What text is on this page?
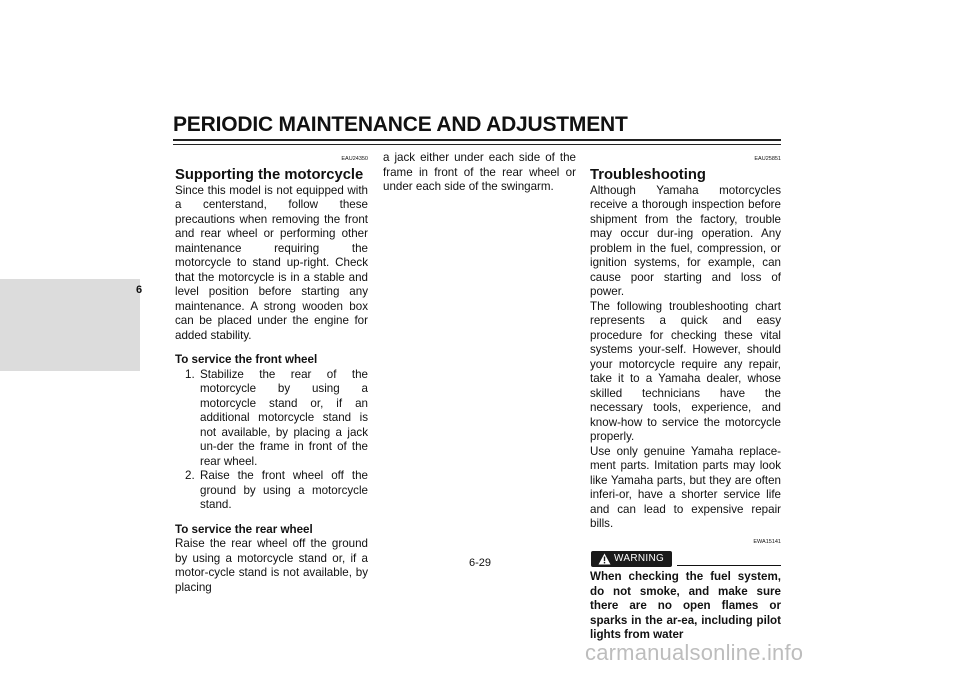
PERIODIC MAINTENANCE AND ADJUSTMENT
6
EAU24350
Supporting the motorcycle

Since this model is not equipped with a centerstand, follow these precautions when removing the front and rear wheel or performing other maintenance requiring the motorcycle to stand up-right. Check that the motorcycle is in a stable and level position before starting any maintenance. A strong wooden box can be placed under the engine for added stability.

To service the front wheel

1. Stabilize the rear of the motorcycle by using a motorcycle stand or, if an additional motorcycle stand is not available, by placing a jack un-der the frame in front of the rear wheel.

2. Raise the front wheel off the ground by using a motorcycle stand.

To service the rear wheel

Raise the rear wheel off the ground by using a motorcycle stand or, if a motor-cycle stand is not available, by placing

a jack either under each side of the frame in front of the rear wheel or under each side of the swingarm.

EAU25851
Troubleshooting

Although Yamaha motorcycles receive a thorough inspection before shipment from the factory, trouble may occur dur-ing operation. Any problem in the fuel, compression, or ignition systems, for example, can cause poor starting and loss of power.

The following troubleshooting chart represents a quick and easy procedure for checking these vital systems your-self. However, should your motorcycle require any repair, take it to a Yamaha dealer, whose skilled technicians have the necessary tools, experience, and know-how to service the motorcycle properly.

Use only genuine Yamaha replace-ment parts. Imitation parts may look like Yamaha parts, but they are often inferi-or, have a shorter service life and can lead to expensive repair bills.

EWA15141
WARNING

When checking the fuel system, do not smoke, and make sure there are no open flames or sparks in the ar-ea, including pilot lights from water

6-29
carmanualsonline.info
